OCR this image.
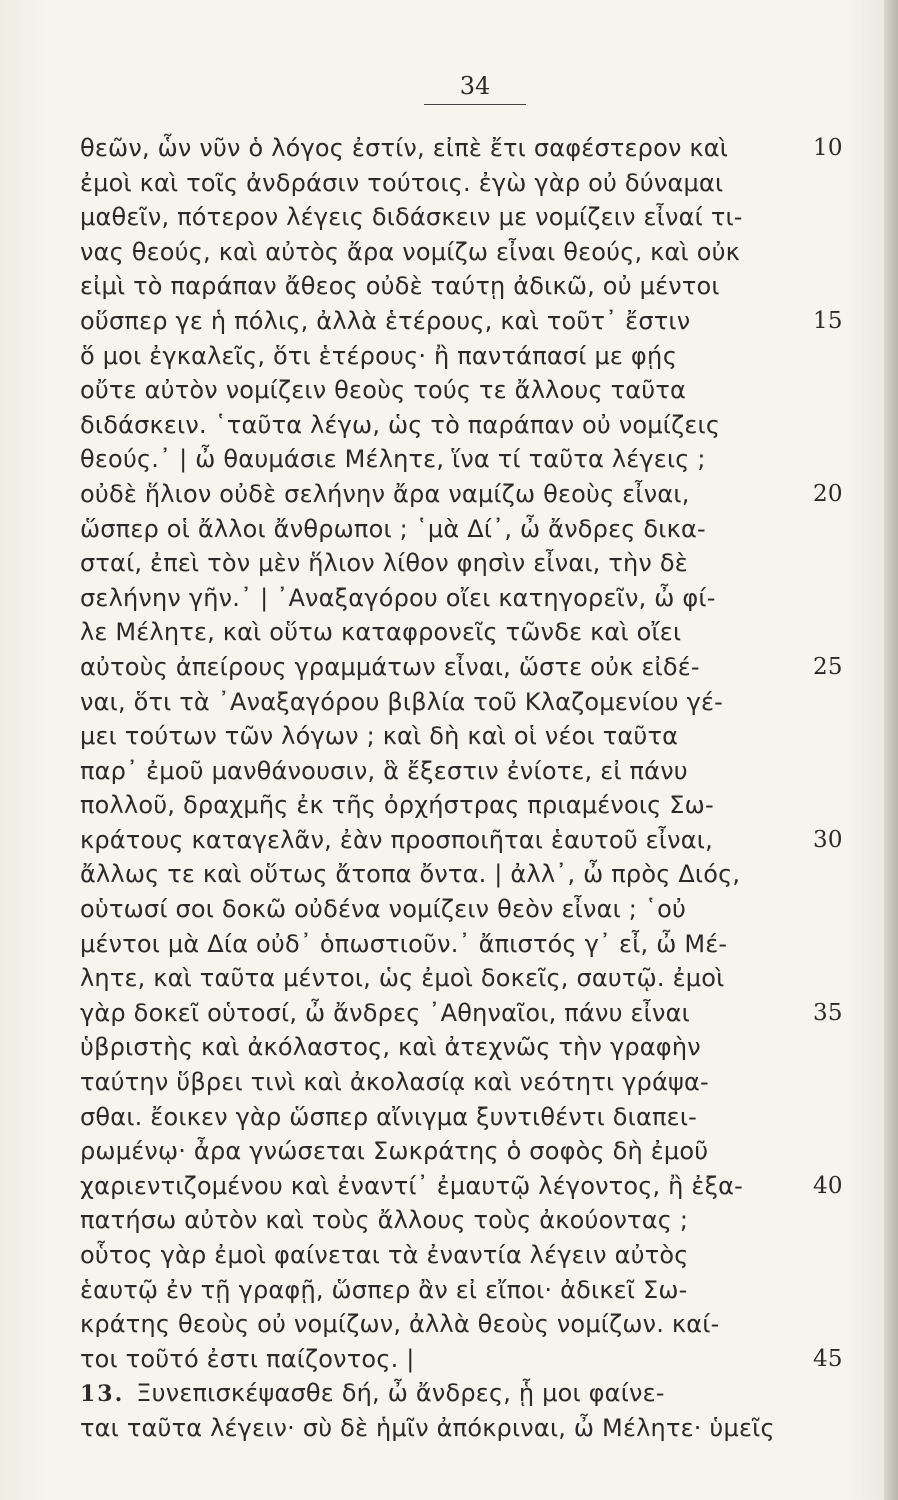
34
θεῶν, ὧν νῦν ὁ λόγος ἐστίν, εἰπὲ ἔτι σαφέστερον καὶ	10
ἐμοὶ καὶ τοῖς ἀνδράσιν τούτοις. ἐγὼ γὰρ οὐ δύναμαι
μαθεῖν, πότερον λέγεις διδάσκειν με νομίζειν εἶναί τι-
νας θεούς, καὶ αὐτὸς ἄρα νομίζω εἶναι θεούς, καὶ οὐκ
εἰμὶ τὸ παράπαν ἄθεος οὐδὲ ταύτῃ ἀδικῶ, οὐ μέντοι
οὕσπερ γε ἡ πόλις, ἀλλὰ ἑτέρους, καὶ τοῦτ᾽ ἔστιν	15
ὅ μοι ἐγκαλεῖς, ὅτι ἑτέρους· ἢ παντάπασί με φῄς
οὔτε αὐτὸν νομίζειν θεοὺς τούς τε ἄλλους ταῦτα
διδάσκειν. ῾ταῦτα λέγω, ὡς τὸ παράπαν οὐ νομίζεις
θεούς.᾽ | ὦ θαυμάσιε Μέλητε, ἵνα τί ταῦτα λέγεις ;
οὐδὲ ἥλιον οὐδὲ σελήνην ἄρα ναμίζω θεοὺς εἶναι,	20
ὥσπερ οἱ ἄλλοι ἄνθρωποι ; ῾μὰ Δί᾽, ὦ ἄνδρες δικα-
σταί, ἐπεὶ τὸν μὲν ἥλιον λίθον φησὶν εἶναι, τὴν δὲ
σελήνην γῆν.᾽ | ᾽Αναξαγόρου οἴει κατηγορεῖν, ὦ φί-
λε Μέλητε, καὶ οὕτω καταφρονεῖς τῶνδε καὶ οἴει
αὐτοὺς ἀπείρους γραμμάτων εἶναι, ὥστε οὐκ εἰδέ-	25
ναι, ὅτι τὰ ᾽Αναξαγόρου βιβλία τοῦ Κλαζομενίου γέ-
μει τούτων τῶν λόγων ; καὶ δὴ καὶ οἱ νέοι ταῦτα
παρ᾽ ἐμοῦ μανθάνουσιν, ἃ ἔξεστιν ἐνίοτε, εἰ πάνυ
πολλοῦ, δραχμῆς ἐκ τῆς ὀρχήστρας πριαμένοις Σω-
κράτους καταγελᾶν, ἐὰν προσποιῆται ἑαυτοῦ εἶναι,	30
ἄλλως τε καὶ οὕτως ἄτοπα ὄντα. | ἀλλ᾽, ὦ πρὸς Διός,
οὑτωσί σοι δοκῶ οὐδένα νομίζειν θεὸν εἶναι ; ῾οὐ
μέντοι μὰ Δία οὐδ᾽ ὁπωστιοῦν.᾽ ἄπιστός γ᾽ εἶ, ὦ Μέ-
λητε, καὶ ταῦτα μέντοι, ὡς ἐμοὶ δοκεῖς, σαυτῷ. ἐμοὶ
γὰρ δοκεῖ οὑτοσί, ὦ ἄνδρες ᾽Αθηναῖοι, πάνυ εἶναι	35
ὑβριστὴς καὶ ἀκόλαστος, καὶ ἀτεχνῶς τὴν γραφὴν
ταύτην ὕβρει τινὶ καὶ ἀκολασίᾳ καὶ νεότητι γράψα-
σθαι. ἔοικεν γὰρ ὥσπερ αἴνιγμα ξυντιθέντι διαπει-
ρωμένῳ· ἆρα γνώσεται Σωκράτης ὁ σοφὸς δὴ ἐμοῦ
χαριεντιζομένου καὶ ἐναντί᾽ ἐμαυτῷ λέγοντος, ἢ ἐξα-	40
πατήσω αὐτὸν καὶ τοὺς ἄλλους τοὺς ἀκούοντας ;
οὗτος γὰρ ἐμοὶ φαίνεται τὰ ἐναντία λέγειν αὐτὸς
ἑαυτῷ ἐν τῇ γραφῇ, ὥσπερ ἂν εἰ εἴποι· ἀδικεῖ Σω-
κράτης θεοὺς οὐ νομίζων, ἀλλὰ θεοὺς νομίζων. καί-
τοι τοῦτό ἐστι παίζοντος. |	45
13. Ξυνεπισκέψασθε δή, ὦ ἄνδρες, ᾗ μοι φαίνε-
ται ταῦτα λέγειν· σὺ δὲ ἡμῖν ἀπόκριναι, ὦ Μέλητε· ὑμεῖς
